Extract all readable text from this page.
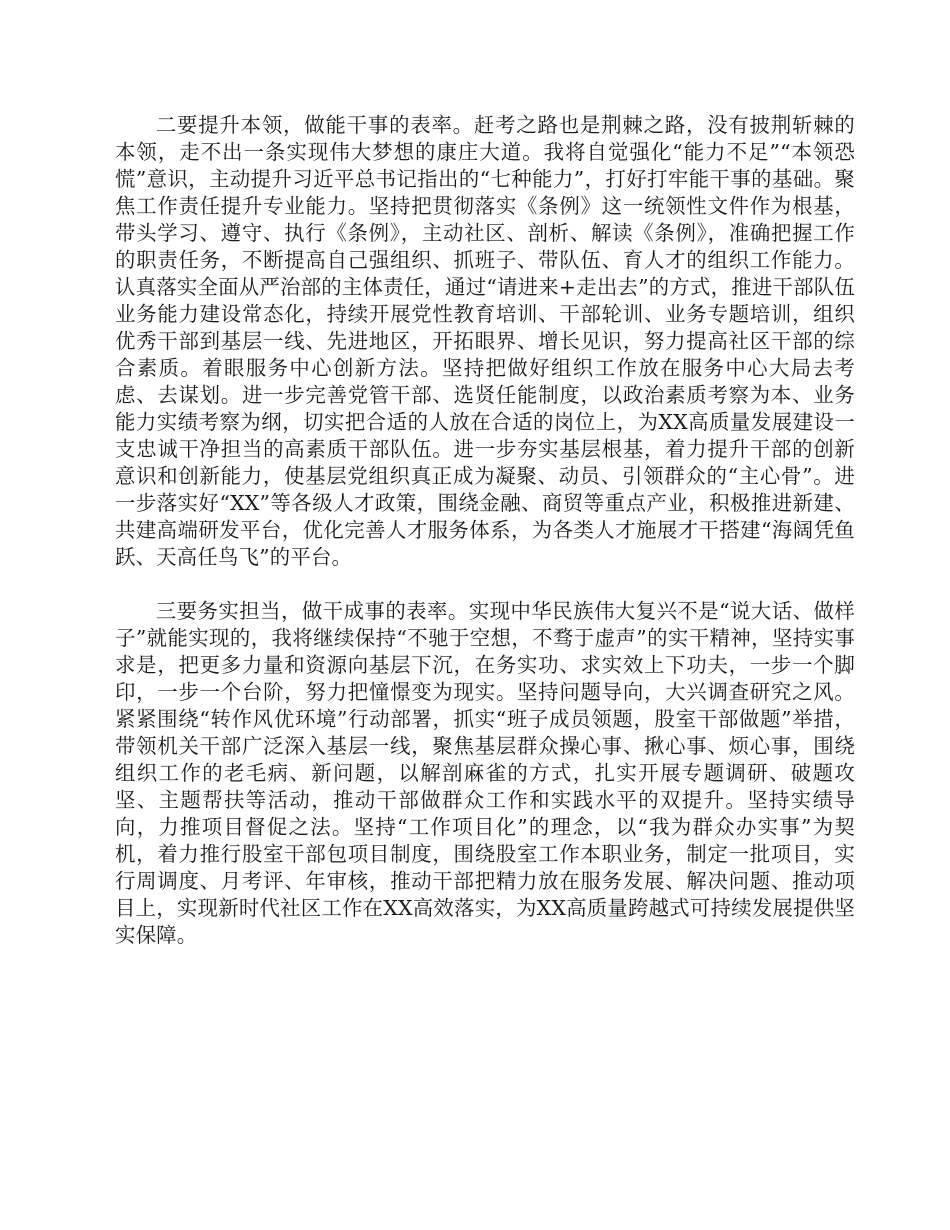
二要提升本领，做能干事的表率。赶考之路也是荆棘之路，没有披荆斩棘的本领，走不出一条实现伟大梦想的康庄大道。我将自觉强化“能力不足”“本领恐慌”意识，主动提升习近平总书记指出的“七种能力”，打好打牢能干事的基础。聚焦工作责任提升专业能力。坚持把贯彻落实《条例》这一统领性文件作为根基，带头学习、遵守、执行《条例》，主动社区、剖析、解读《条例》，准确把握工作的职责任务，不断提高自己强组织、抓班子、带队伍、育人才的组织工作能力。认真落实全面从严治部的主体责任，通过“请进来+走出去”的方式，推进干部队伍业务能力建设常态化，持续开展党性教育培训、干部轮训、业务专题培训，组织优秀干部到基层一线、先进地区，开拓眼界、增长见识，努力提高社区干部的综合素质。着眼服务中心创新方法。坚持把做好组织工作放在服务中心大局去考虑、去谋划。进一步完善党管干部、选贤任能制度，以政治素质考察为本、业务能力实绩考察为纲，切实把合适的人放在合适的岗位上，为XX高质量发展建设一支忠诚干净担当的高素质干部队伍。进一步夯实基层根基，着力提升干部的创新意识和创新能力，使基层党组织真正成为凝聚、动员、引领群众的“主心骨”。进一步落实好“XX”等各级人才政策，围绕金融、商贸等重点产业，积极推进新建、共建高端研发平台，优化完善人才服务体系，为各类人才施展才干搭建“海阔凭鱼跃、天高任鸟飞”的平台。

三要务实担当，做干成事的表率。实现中华民族伟大复兴不是“说大话、做样子”就能实现的，我将继续保持“不驰于空想，不骛于虚声”的实干精神，坚持实事求是，把更多力量和资源向基层下沉，在务实功、求实效上下功夫，一步一个脚印，一步一个台阶，努力把憧憬变为现实。坚持问题导向，大兴调查研究之风。紧紧围绕“转作风优环境”行动部署，抓实“班子成员领题，股室干部做题”举措，带领机关干部广泛深入基层一线，聚焦基层群众操心事、揪心事、烦心事，围绕组织工作的老毛病、新问题，以解剖麻雀的方式，扎实开展专题调研、破题攻坚、主题帮扶等活动，推动干部做群众工作和实践水平的双提升。坚持实绩导向，力推项目督促之法。坚持“工作项目化”的理念，以“我为群众办实事”为契机，着力推行股室干部包项目制度，围绕股室工作本职业务，制定一批项目，实行周调度、月考评、年审核，推动干部把精力放在服务发展、解决问题、推动项目上，实现新时代社区工作在XX高效落实，为XX高质量跨越式可持续发展提供坚实保障。
